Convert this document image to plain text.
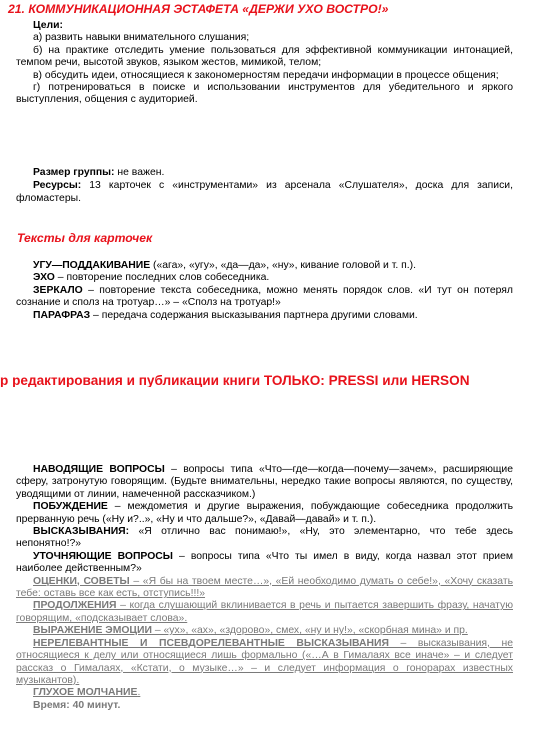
21. КОММУНИКАЦИОННАЯ ЭСТАФЕТА «ДЕРЖИ УХО ВОСТРО!»

Цели:

а) развить навыки внимательного слушания;

б) на практике отследить умение пользоваться для эффективной коммуникации интонацией, темпом речи, высотой звуков, языком жестов, мимикой, телом;

в) обсудить идеи, относящиеся к закономерностям передачи информации в процессе общения;

г) потренироваться в поиске и использовании инструментов для убедительного и яркого выступления, общения с аудиторией.

Размер группы: не важен.

Ресурсы: 13 карточек с «инструментами» из арсенала «Слушателя», доска для записи, фломастеры.

Тексты для карточек

УГУ—ПОДДАКИВАНИЕ («ага», «угу», «да—да», «ну», кивание головой и т. п.).

ЭХО – повторение последних слов собеседника.

ЗЕРКАЛО – повторение текста собеседника, можно менять порядок слов. «И тут он потерял сознание и сполз на тротуар…» – «Сполз на тротуар!»

ПАРАФРАЗ – передача содержания высказывания партнера другими словами.

р редактирования и публикации книги ТОЛЬКО: PRESSI или HERSON

НАВОДЯЩИЕ ВОПРОСЫ – вопросы типа «Что—где—когда—почему—зачем», расширяющие сферу, затронутую говорящим. (Будьте внимательны, нередко такие вопросы являются, по существу, уводящими от линии, намеченной рассказчиком.)

ПОБУЖДЕНИЕ – междометия и другие выражения, побуждающие собеседника продолжить прерванную речь («Ну и?..», «Ну и что дальше?», «Давай—давай» и т. п.).

ВЫСКАЗЫВАНИЯ: «Я отлично вас понимаю!», «Ну, это элементарно, что тебе здесь непонятно!?»

УТОЧНЯЮЩИЕ ВОПРОСЫ – вопросы типа «Что ты имел в виду, когда назвал этот прием наиболее действенным?»

ОЦЕНКИ, СОВЕТЫ – «Я бы на твоем месте…», «Ей необходимо думать о себе!», «Хочу сказать тебе: оставь все как есть, отступись!!!»

ПРОДОЛЖЕНИЯ – когда слушающий вклинивается в речь и пытается завершить фразу, начатую говорящим, «подсказывает слова».

ВЫРАЖЕНИЕ ЭМОЦИИ – «ух», «ах», «здорово», смех, «ну и ну!», «скорбная мина» и пр.

НЕРЕЛЕВАНТНЫЕ И ПСЕВДОРЕЛЕВАНТНЫЕ ВЫСКАЗЫВАНИЯ – высказывания, не относящиеся к делу или относящиеся лишь формально («…А в Гималаях все иначе» – и следует рассказ о Гималаях, «Кстати, о музыке…» – и следует информация о гонорарах известных музыкантов).

ГЛУХОЕ МОЛЧАНИЕ.

Время: 40 минут.
